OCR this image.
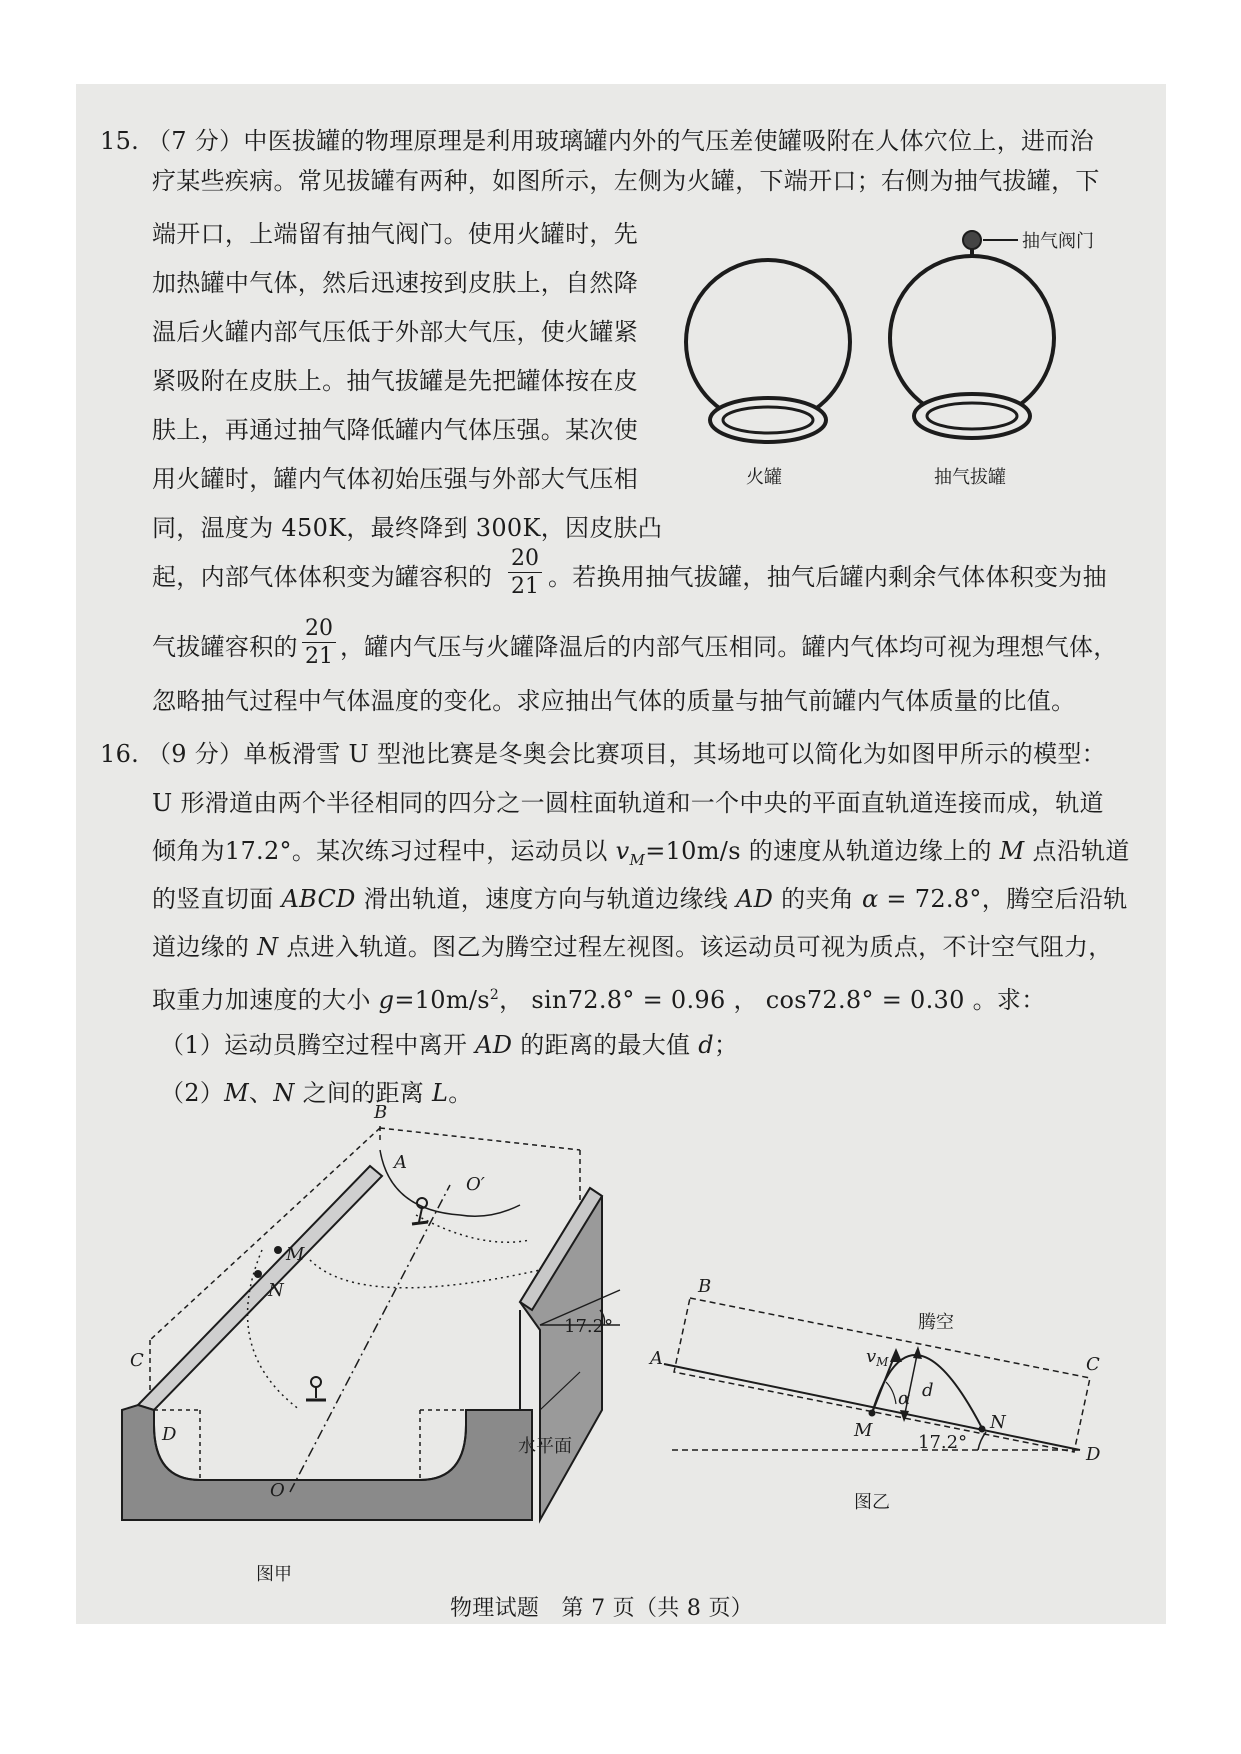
15. （7 分）中医拔罐的物理原理是利用玻璃罐内外的气压差使罐吸附在人体穴位上，进而治
疗某些疾病。常见拔罐有两种，如图所示，左侧为火罐，下端开口；右侧为抽气拔罐，下
端开口，上端留有抽气阀门。使用火罐时，先
加热罐中气体，然后迅速按到皮肤上，自然降
温后火罐内部气压低于外部大气压，使火罐紧
紧吸附在皮肤上。抽气拔罐是先把罐体按在皮
肤上，再通过抽气降低罐内气体压强。某次使
用火罐时，罐内气体初始压强与外部大气压相
同，温度为 450K，最终降到 300K，因皮肤凸
起，内部气体体积变为罐容积的 $\frac{20}{21}$ 。若换用抽气拔罐，抽气后罐内剩余气体体积变为抽
气拔罐容积的 $\frac{20}{21}$ ，罐内气压与火罐降温后的内部气压相同。罐内气体均可视为理想气体，
忽略抽气过程中气体温度的变化。求应抽出气体的质量与抽气前罐内气体质量的比值。
火罐
抽气阀门
抽气拔罐
16. （9 分）单板滑雪 U 型池比赛是冬奥会比赛项目，其场地可以简化为如图甲所示的模型：
U 形滑道由两个半径相同的四分之一圆柱面轨道和一个中央的平面直轨道连接而成，轨道
倾角为17.2°。某次练习过程中，运动员以 $v_M=10m/s$ 的速度从轨道边缘上的 M 点沿轨道
的竖直切面 ABCD 滑出轨道，速度方向与轨道边缘线 AD 的夹角 α = 72.8°，腾空后沿轨
道边缘的 N 点进入轨道。图乙为腾空过程左视图。该运动员可视为质点，不计空气阻力，
取重力加速度的大小 $g=10m/s^2$， sin72.8° = 0.96 ， cos72.8° = 0.30 。求：
（1）运动员腾空过程中离开 AD 的距离的最大值 d；
（2）M、N 之间的距离 L。
B
A
C
D
M
N
O
O′
17.2°
水平面
图甲
B
A	C
D
M	N
腾空
$v_M$
α d
17.2°
图乙
物理试题　第 7 页（共 8 页）
